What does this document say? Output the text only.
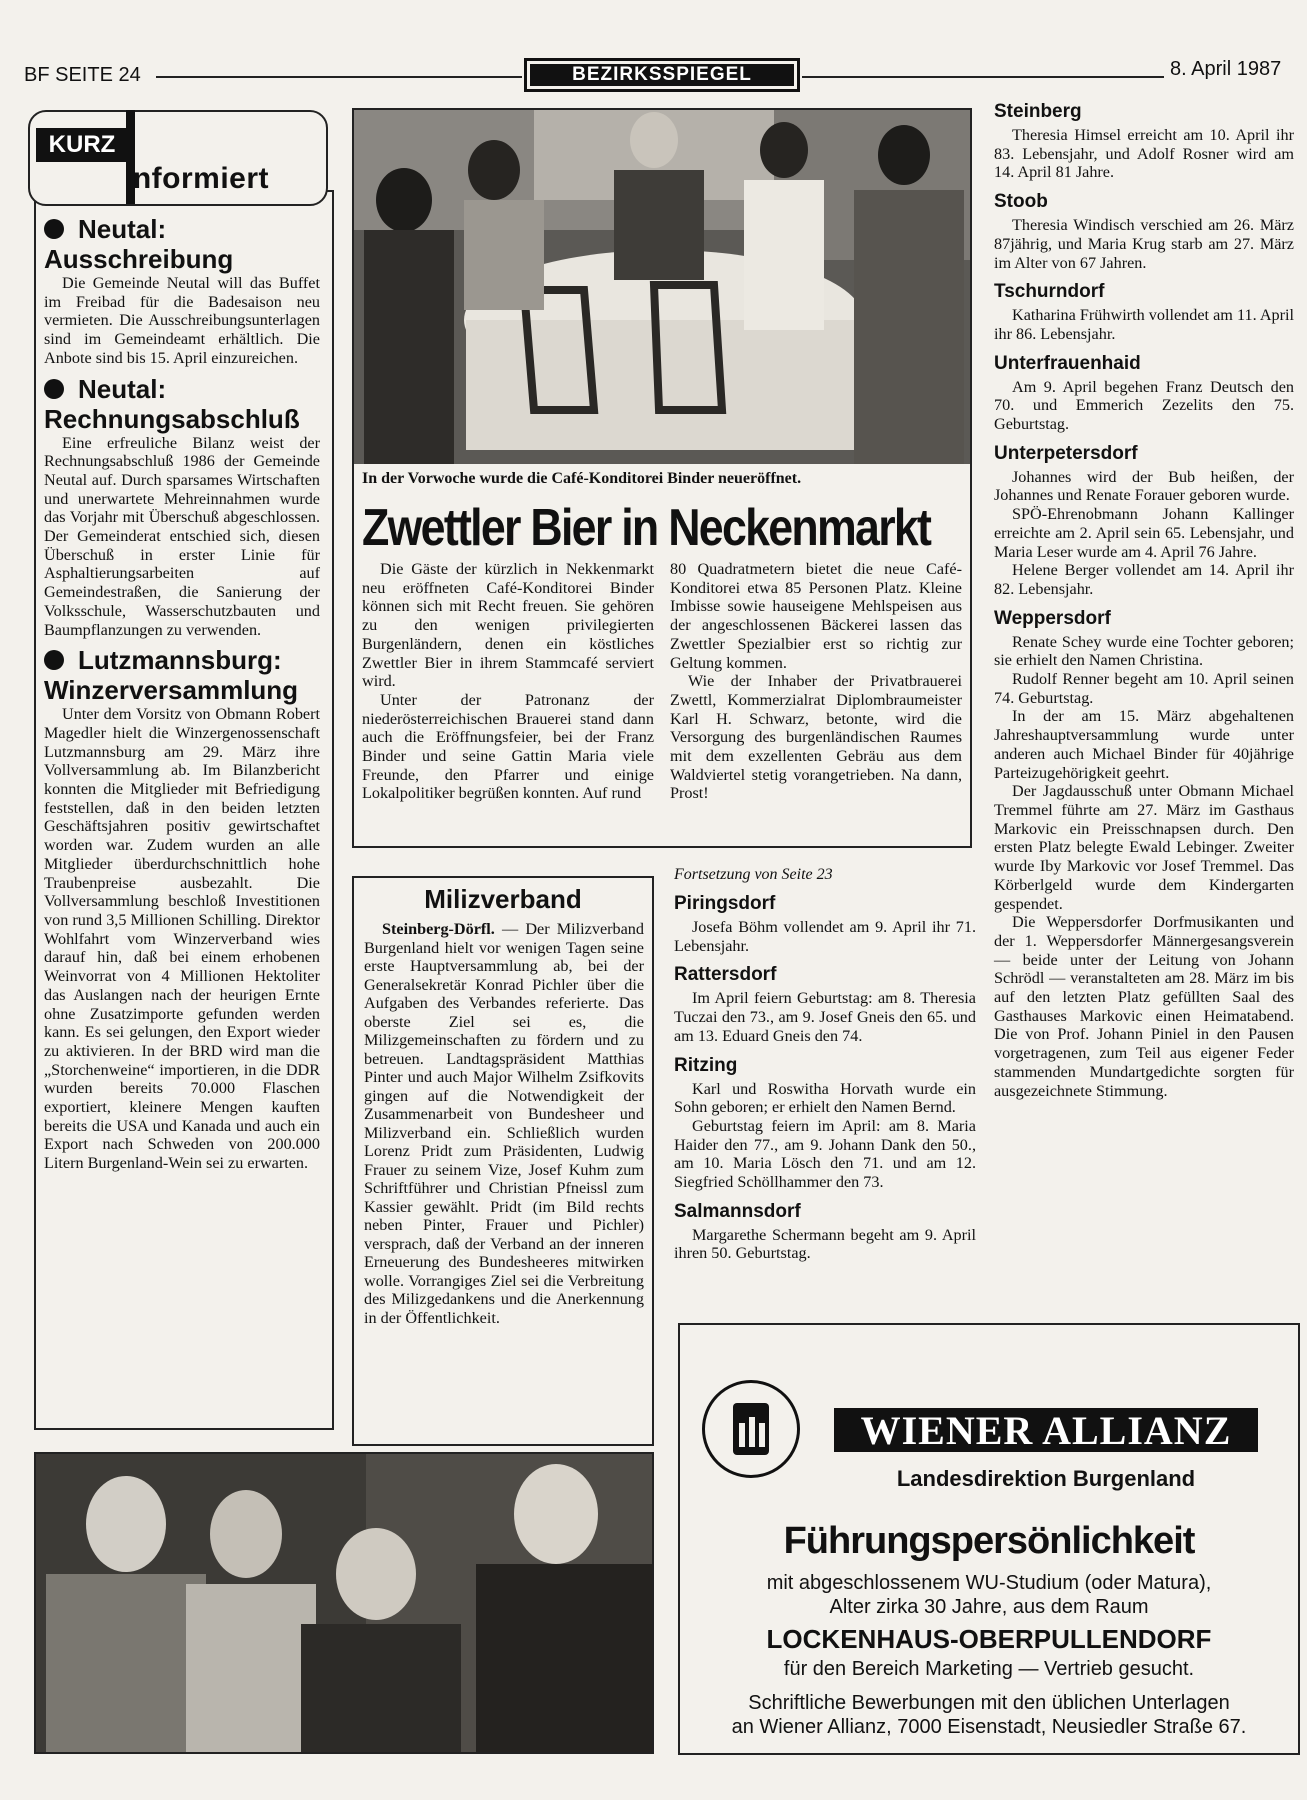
BF SEITE 24	BEZIRKSSPIEGEL	8. April 1987
KURZ
Informiert
Neutal:
Ausschreibung

Die Gemeinde Neutal will das Buffet im Freibad für die Badesaison neu vermieten. Die Ausschreibungsunterlagen sind im Gemeindeamt erhältlich. Die Anbote sind bis 15. April einzureichen.

Neutal:
Rechnungsabschluß

Eine erfreuliche Bilanz weist der Rechnungsabschluß 1986 der Gemeinde Neutal auf. Durch sparsames Wirtschaften und unerwartete Mehreinnahmen wurde das Vorjahr mit Überschuß abgeschlossen. Der Gemeinderat entschied sich, diesen Überschuß in erster Linie für Asphaltierungsarbeiten auf Gemeindestraßen, die Sanierung der Volksschule, Wasserschutzbauten und Baumpflanzungen zu verwenden.

Lutzmannsburg:
Winzerversammlung

Unter dem Vorsitz von Obmann Robert Magedler hielt die Winzergenossenschaft Lutzmannsburg am 29. März ihre Vollversammlung ab. Im Bilanzbericht konnten die Mitglieder mit Befriedigung feststellen, daß in den beiden letzten Geschäftsjahren positiv gewirtschaftet worden war. Zudem wurden an alle Mitglieder überdurchschnittlich hohe Traubenpreise ausbezahlt. Die Vollversammlung beschloß Investitionen von rund 3,5 Millionen Schilling. Direktor Wohlfahrt vom Winzerverband wies darauf hin, daß bei einem erhobenen Weinvorrat von 4 Millionen Hektoliter das Auslangen nach der heurigen Ernte ohne Zusatzimporte gefunden werden kann. Es sei gelungen, den Export wieder zu aktivieren. In der BRD wird man die „Storchenweine“ importieren, in die DDR wurden bereits 70.000 Flaschen exportiert, kleinere Mengen kauften bereits die USA und Kanada und auch ein Export nach Schweden von 200.000 Litern Burgenland-Wein sei zu erwarten.

In der Vorwoche wurde die Café-Konditorei Binder neueröffnet.
Zwettler Bier in Neckenmarkt

Die Gäste der kürzlich in Nekkenmarkt neu eröffneten Café-Konditorei Binder können sich mit Recht freuen. Sie gehören zu den wenigen privilegierten Burgenländern, denen ein köstliches Zwettler Bier in ihrem Stammcafé serviert wird.

Unter der Patronanz der niederösterreichischen Brauerei stand dann auch die Eröffnungsfeier, bei der Franz Binder und seine Gattin Maria viele Freunde, den Pfarrer und einige Lokalpolitiker begrüßen konnten. Auf rund

80 Quadratmetern bietet die neue Café-Konditorei etwa 85 Personen Platz. Kleine Imbisse sowie hauseigene Mehlspeisen aus der angeschlossenen Bäckerei lassen das Zwettler Spezialbier erst so richtig zur Geltung kommen.

Wie der Inhaber der Privatbrauerei Zwettl, Kommerzialrat Diplombraumeister Karl H. Schwarz, betonte, wird die Versorgung des burgenländischen Raumes mit dem exzellenten Gebräu aus dem Waldviertel stetig vorangetrieben. Na dann, Prost!

Milizverband

Steinberg-Dörfl. — Der Milizverband Burgenland hielt vor wenigen Tagen seine erste Hauptversammlung ab, bei der Generalsekretär Konrad Pichler über die Aufgaben des Verbandes referierte. Das oberste Ziel sei es, die Milizgemeinschaften zu fördern und zu betreuen. Landtagspräsident Matthias Pinter und auch Major Wilhelm Zsifkovits gingen auf die Notwendigkeit der Zusammenarbeit von Bundesheer und Milizverband ein. Schließlich wurden Lorenz Pridt zum Präsidenten, Ludwig Frauer zu seinem Vize, Josef Kuhm zum Schriftführer und Christian Pfneissl zum Kassier gewählt. Pridt (im Bild rechts neben Pinter, Frauer und Pichler) versprach, daß der Verband an der inneren Erneuerung des Bundesheeres mitwirken wolle. Vorrangiges Ziel sei die Verbreitung des Milizgedankens und die Anerkennung in der Öffentlichkeit.

Fortsetzung von Seite 23
Piringsdorf

Josefa Böhm vollendet am 9. April ihr 71. Lebensjahr.

Rattersdorf

Im April feiern Geburtstag: am 8. Theresia Tuczai den 73., am 9. Josef Gneis den 65. und am 13. Eduard Gneis den 74.

Ritzing

Karl und Roswitha Horvath wurde ein Sohn geboren; er erhielt den Namen Bernd.

Geburtstag feiern im April: am 8. Maria Haider den 77., am 9. Johann Dank den 50., am 10. Maria Lösch den 71. und am 12. Siegfried Schöllhammer den 73.

Salmannsdorf

Margarethe Schermann begeht am 9. April ihren 50. Geburtstag.

Steinberg

Theresia Himsel erreicht am 10. April ihr 83. Lebensjahr, und Adolf Rosner wird am 14. April 81 Jahre.

Stoob

Theresia Windisch verschied am 26. März 87jährig, und Maria Krug starb am 27. März im Alter von 67 Jahren.

Tschurndorf

Katharina Frühwirth vollendet am 11. April ihr 86. Lebensjahr.

Unterfrauenhaid

Am 9. April begehen Franz Deutsch den 70. und Emmerich Zezelits den 75. Geburtstag.

Unterpetersdorf

Johannes wird der Bub heißen, der Johannes und Renate Forauer geboren wurde.

SPÖ-Ehrenobmann Johann Kallinger erreichte am 2. April sein 65. Lebensjahr, und Maria Leser wurde am 4. April 76 Jahre.

Helene Berger vollendet am 14. April ihr 82. Lebensjahr.

Weppersdorf

Renate Schey wurde eine Tochter geboren; sie erhielt den Namen Christina.

Rudolf Renner begeht am 10. April seinen 74. Geburtstag.

In der am 15. März abgehaltenen Jahreshauptversammlung wurde unter anderen auch Michael Binder für 40jährige Parteizugehörigkeit geehrt.

Der Jagdausschuß unter Obmann Michael Tremmel führte am 27. März im Gasthaus Markovic ein Preisschnapsen durch. Den ersten Platz belegte Ewald Lebinger. Zweiter wurde Iby Markovic vor Josef Tremmel. Das Körberlgeld wurde dem Kindergarten gespendet.

Die Weppersdorfer Dorfmusikanten und der 1. Weppersdorfer Männergesangsverein — beide unter der Leitung von Johann Schrödl — veranstalteten am 28. März im bis auf den letzten Platz gefüllten Saal des Gasthauses Markovic einen Heimatabend. Die von Prof. Johann Piniel in den Pausen vorgetragenen, zum Teil aus eigener Feder stammenden Mundartgedichte sorgten für ausgezeichnete Stimmung.

WIENER ALLIANZ
Landesdirektion Burgenland
Führungspersönlichkeit
mit abgeschlossenem WU-Studium (oder Matura),
Alter zirka 30 Jahre, aus dem Raum
LOCKENHAUS-OBERPULLENDORF
für den Bereich Marketing — Vertrieb gesucht.
Schriftliche Bewerbungen mit den üblichen Unterlagen
an Wiener Allianz, 7000 Eisenstadt, Neusiedler Straße 67.
